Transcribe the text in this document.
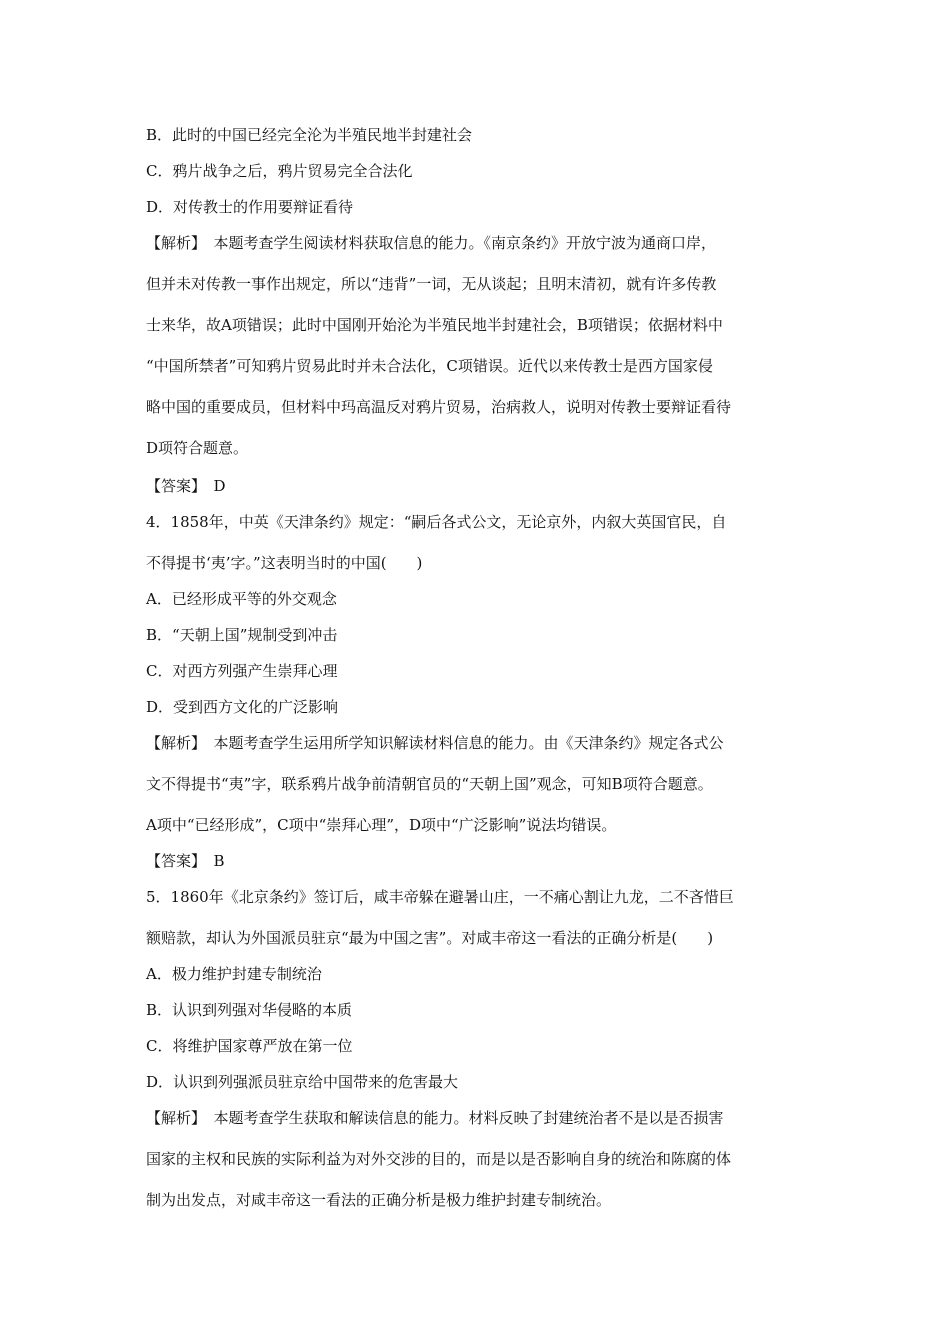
B．此时的中国已经完全沦为半殖民地半封建社会
C．鸦片战争之后，鸦片贸易完全合法化
D．对传教士的作用要辩证看待
【解析】　本题考查学生阅读材料获取信息的能力。《南京条约》开放宁波为通商口岸，
但并未对传教一事作出规定，所以“违背”一词，无从谈起；且明末清初，就有许多传教
士来华，故A项错误；此时中国刚开始沦为半殖民地半封建社会，B项错误；依据材料中
“中国所禁者”可知鸦片贸易此时并未合法化，C项错误。近代以来传教士是西方国家侵
略中国的重要成员，但材料中玛高温反对鸦片贸易，治病救人，说明对传教士要辩证看待
D项符合题意。
【答案】　D
4．1858年，中英《天津条约》规定：“嗣后各式公文，无论京外，内叙大英国官民，自
不得提书‘夷’字。”这表明当时的中国(　　)
A．已经形成平等的外交观念
B．“天朝上国”规制受到冲击
C．对西方列强产生崇拜心理
D．受到西方文化的广泛影响
【解析】　本题考查学生运用所学知识解读材料信息的能力。由《天津条约》规定各式公
文不得提书“夷”字，联系鸦片战争前清朝官员的“天朝上国”观念，可知B项符合题意。
A项中“已经形成”，C项中“崇拜心理”，D项中“广泛影响”说法均错误。
【答案】　B
5．1860年《北京条约》签订后，咸丰帝躲在避暑山庄，一不痛心割让九龙，二不吝惜巨
额赔款，却认为外国派员驻京“最为中国之害”。对咸丰帝这一看法的正确分析是(　　)
A．极力维护封建专制统治
B．认识到列强对华侵略的本质
C．将维护国家尊严放在第一位
D．认识到列强派员驻京给中国带来的危害最大
【解析】　本题考查学生获取和解读信息的能力。材料反映了封建统治者不是以是否损害
国家的主权和民族的实际利益为对外交涉的目的，而是以是否影响自身的统治和陈腐的体
制为出发点，对咸丰帝这一看法的正确分析是极力维护封建专制统治。
